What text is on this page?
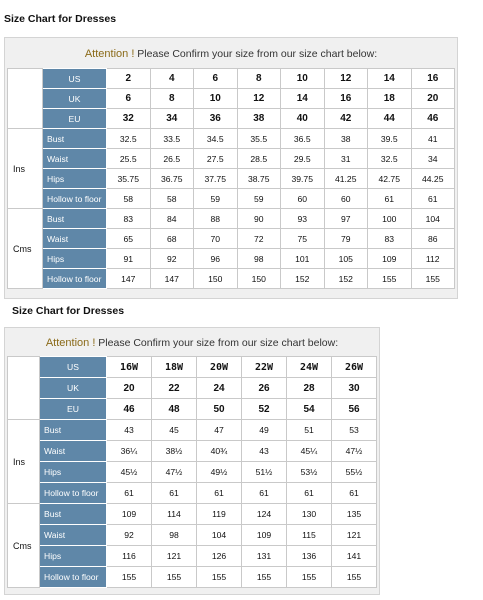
Size Chart for Dresses
Attention ! Please Confirm your size from our size chart below:
	US	2	4	6	8	10	12	14	16
	UK	6	8	10	12	14	16	18	20
	EU	32	34	36	38	40	42	44	46
Ins	Bust	32.5	33.5	34.5	35.5	36.5	38	39.5	41
	Waist	25.5	26.5	27.5	28.5	29.5	31	32.5	34
	Hips	35.75	36.75	37.75	38.75	39.75	41.25	42.75	44.25
	Hollow to floor	58	58	59	59	60	60	61	61
Cms	Bust	83	84	88	90	93	97	100	104
	Waist	65	68	70	72	75	79	83	86
	Hips	91	92	96	98	101	105	109	112
	Hollow to floor	147	147	150	150	152	152	155	155
Size Chart for Dresses
Attention ! Please Confirm your size from our size chart below:
	US	16W	18W	20W	22W	24W	26W
	UK	20	22	24	26	28	30
	EU	46	48	50	52	54	56
Ins	Bust	43	45	47	49	51	53
	Waist	36¼	38½	40¾	43	45¼	47½
	Hips	45½	47½	49½	51½	53½	55½
	Hollow to floor	61	61	61	61	61	61
Cms	Bust	109	114	119	124	130	135
	Waist	92	98	104	109	115	121
	Hips	116	121	126	131	136	141
	Hollow to floor	155	155	155	155	155	155
